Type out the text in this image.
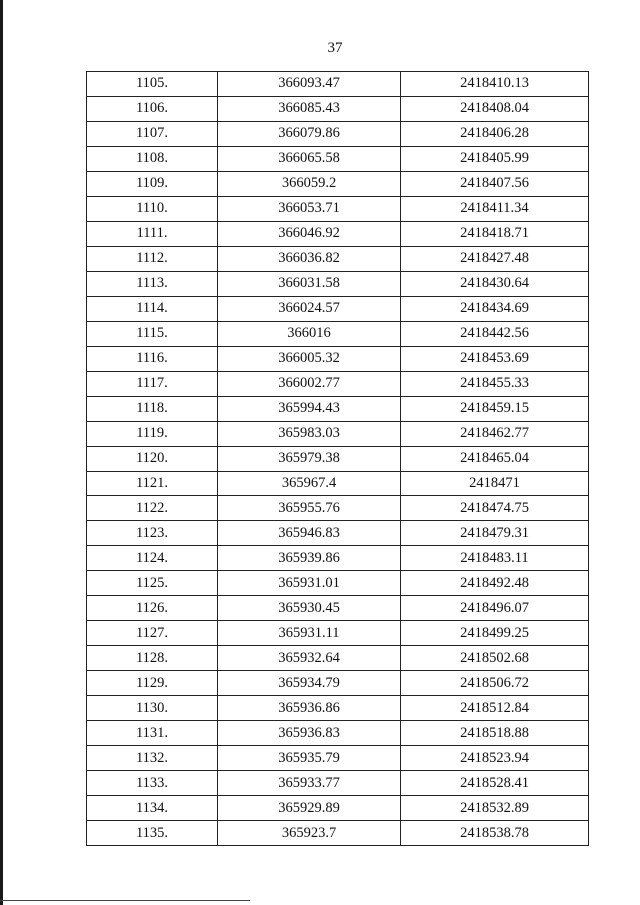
37
1105.	366093.47	2418410.13
1106.	366085.43	2418408.04
1107.	366079.86	2418406.28
1108.	366065.58	2418405.99
1109.	366059.2	2418407.56
1110.	366053.71	2418411.34
1111.	366046.92	2418418.71
1112.	366036.82	2418427.48
1113.	366031.58	2418430.64
1114.	366024.57	2418434.69
1115.	366016	2418442.56
1116.	366005.32	2418453.69
1117.	366002.77	2418455.33
1118.	365994.43	2418459.15
1119.	365983.03	2418462.77
1120.	365979.38	2418465.04
1121.	365967.4	2418471
1122.	365955.76	2418474.75
1123.	365946.83	2418479.31
1124.	365939.86	2418483.11
1125.	365931.01	2418492.48
1126.	365930.45	2418496.07
1127.	365931.11	2418499.25
1128.	365932.64	2418502.68
1129.	365934.79	2418506.72
1130.	365936.86	2418512.84
1131.	365936.83	2418518.88
1132.	365935.79	2418523.94
1133.	365933.77	2418528.41
1134.	365929.89	2418532.89
1135.	365923.7	2418538.78
